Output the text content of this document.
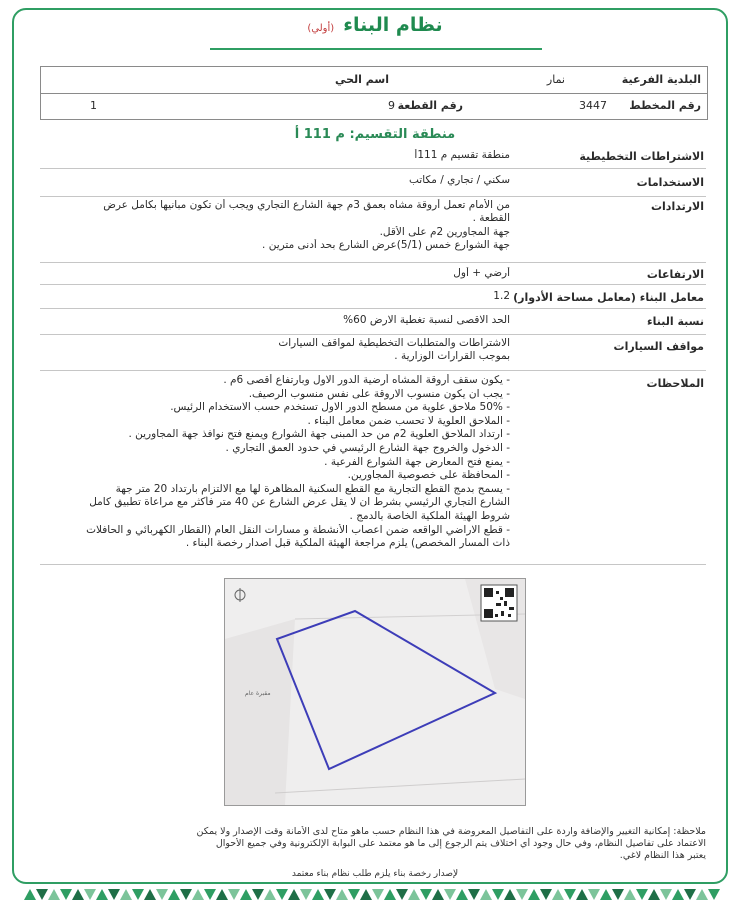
نظام البناء (أولي)
البلدية الفرعية
نمار
اسم الحي
رقم المخطط
3447
رقم القطعة
9
1
منطقة التقسيم: م 111 أ
الاشتراطات التخطيطية
منطقة تقسيم م 111أ
الاستخدامات
سكني / تجاري / مكاتب
الارتدادات
من الأمام تعمل أروقة مشاه بعمق 3م جهة الشارع التجاري ويجب أن تكون مبانيها بكامل عرض
القطعة .
جهة المجاورين 2م على الأقل.
جهة الشوارع خمس (5/1)عرض الشارع بحد أدنى مترين .
الارتفاعات
أرضي + أول
معامل البناء (معامل مساحة الأدوار)
1.2
نسبة البناء
الحد الاقصى لنسبة تغطية الارض 60%
مواقف السيارات
الاشتراطات والمتطلبات التخطيطية لمواقف السيارات
بموجب القرارات الوزارية .
الملاحظات
- يكون سقف أروقة المشاه أرضية الدور الاول وبارتفاع أقصى 6م .
- يجب ان يكون منسوب الاروقة على نفس منسوب الرصيف.
- 50% ملاحق علوية من مسطح الدور الاول تستخدم حسب الاستخدام الرئيس.
- الملاحق العلوية لا تحسب ضمن معامل البناء .
- ارتداد الملاحق العلوية 2م من حد المبنى جهة الشوارع ويمنع فتح نوافذ جهة المجاورين .
- الدخول والخروج جهة الشارع الرئيسي في حدود العمق التجاري .
- يمنع فتح المعارض جهة الشوارع الفرعية .
- المحافظة على خصوصية المجاورين.
- يسمح بدمج القطع التجارية مع القطع السكنية المظاهرة لها مع الالتزام بارتداد 20 متر جهة
الشارع التجاري الرئيسي بشرط ان لا يقل عرض الشارع عن 40 متر فأكثر مع مراعاة تطبيق كامل
شروط الهيئة الملكية الخاصة بالدمج .
- قطع الاراضي الواقعه ضمن اعصاب الأنشطة و مسارات النقل العام (القطار الكهربائي و الحافلات
ذات المسار المخصص) يلزم مراجعة الهيئة الملكية قبل اصدار رخصة البناء .
مقبرة عام
ملاحظة: إمكانية التغيير والإضافة واردة على التفاصيل المعروضة في هذا النظام حسب ماهو متاح لدى الأمانة وقت الإصدار ولا يمكن
الاعتماد على تفاصيل النظام، وفي حال وجود أي اختلاف يتم الرجوع إلى ما هو معتمد على البوابة الإلكترونية وفي جميع الأحوال
يعتبر هذا النظام لاغي.
لإصدار رخصة بناء يلزم طلب نظام بناء معتمد
